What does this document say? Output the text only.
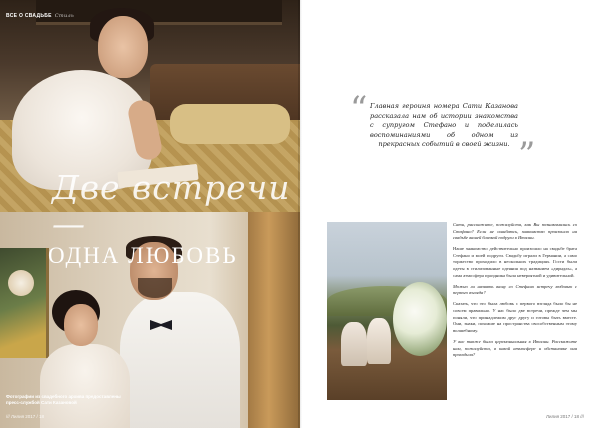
ВСЕ О СВАДЬБЕ Стиль
Две встречи —
ОДНА ЛЮБОВЬ
Фотографии из свадебного архива предоставлены пресс-службой Сати Казановой
/// Лилия 2017 / 18
“ Главная героиня номера Сати Казанова рассказала нам об истории знакомства с супругом Стефано и поделилась воспоминаниями об одном из прекрасных событий в своей жизни. ”

Сати, расскажите, пожалуйста, как Вы познакомились со Стефано? Если не ошибаюсь, знакомство произошло на свадьбе вашей близкой подруги в Италии.

Наше знакомство действительно произошло на свадьбе брата Стефано и моей подруги. Свадьбу играли в Германии, а само торжество проходило в нескольких традициях. Гости были одеты в стилизованные одеяния под названием «дирндль», а сама атмосфера праздника была невероятной и удивительной.

Можно ли назвать вашу со Стефано встречу любовью с первого взгляда?

Сказать, что это была любовь с первого взгляда было бы не совсем правильно. У нас было две встречи, прежде чем мы поняли, что принадлежим друг другу и готовы быть вместе. Они, знаки, похожие на пространства свособственным этому волшебному.

У вас также была церемониальная в Италии. Расскажите нам, пожалуйста, в какой атмосфере и обстановке она проходила?

Лилия 2017 / 18 ///
